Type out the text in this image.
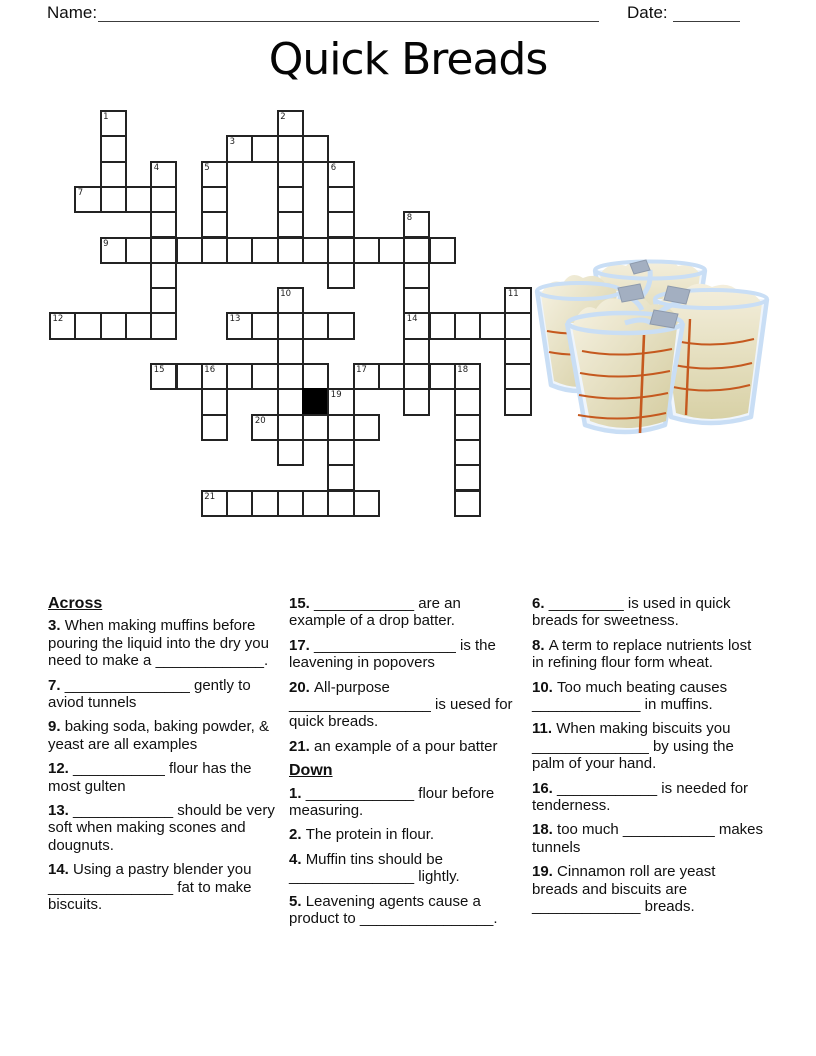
Name:	Date:
Quick Breads
1	2
3
4	5	6
7
8
9
10	11
12	13	14
15	16	17	18
19
20
21
Across

3. When making muffins before pouring the liquid into the dry you need to make a _____________.

7. _______________ gently to aviod tunnels

9. baking soda, baking powder, & yeast are all examples

12. ___________ flour has the most gulten

13. ____________ should be very soft when making scones and dougnuts.

14. Using a pastry blender you _______________ fat to make biscuits.

15. ____________ are an example of a drop batter.

17. _________________ is the leavening in popovers

20. All-purpose _________________ is uesed for quick breads.

21. an example of a pour batter

Down

1. _____________ flour before measuring.

2. The protein in flour.

4. Muffin tins should be _______________ lightly.

5. Leavening agents cause a product to ________________.

6. _________ is used in quick breads for sweetness.

8. A term to replace nutrients lost in refining flour form wheat.

10. Too much beating causes _____________ in muffins.

11. When making biscuits you ______________ by using the palm of your hand.

16. ____________ is needed for tenderness.

18. too much ___________ makes tunnels

19. Cinnamon roll are yeast breads and biscuits are _____________ breads.
